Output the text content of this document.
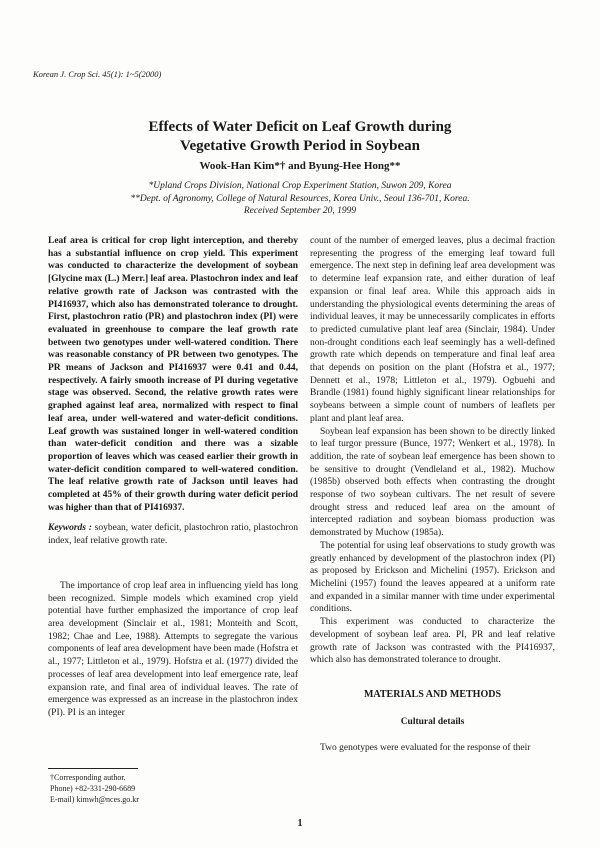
Korean J. Crop Sci. 45(1): 1~5(2000)
Effects of Water Deficit on Leaf Growth during
Vegetative Growth Period in Soybean
Wook-Han Kim*† and Byung-Hee Hong**
*Upland Crops Division, National Crop Experiment Station, Suwon 209, Korea
**Dept. of Agronomy, College of Natural Resources, Korea Univ., Seoul 136-701, Korea.
Received September 20, 1999

Leaf area is critical for crop light interception, and thereby has a substantial influence on crop yield. This experiment was conducted to characterize the development of soybean [Glycine max (L.) Merr.] leaf area. Plastochron index and leaf relative growth rate of Jackson was contrasted with the PI416937, which also has demonstrated tolerance to drought. First, plastochron ratio (PR) and plastochron index (PI) were evaluated in greenhouse to compare the leaf growth rate between two genotypes under well-watered condition. There was reasonable constancy of PR between two genotypes. The PR means of Jackson and PI416937 were 0.41 and 0.44, respectively. A fairly smooth increase of PI during vegetative stage was observed. Second, the relative growth rates were graphed against leaf area, normalized with respect to final leaf area, under well-watered and water-deficit conditions. Leaf growth was sustained longer in well-watered condition than water-deficit condition and there was a sizable proportion of leaves which was ceased earlier their growth in water-deficit condition compared to well-watered condition. The leaf relative growth rate of Jackson until leaves had completed at 45% of their growth during water deficit period was higher than that of PI416937.

Keywords : soybean, water deficit, plastochron ratio, plastochron index, leaf relative growth rate.

The importance of crop leaf area in influencing yield has long been recognized. Simple models which examined crop yield potential have further emphasized the importance of crop leaf area development (Sinclair et al., 1981; Monteith and Scott, 1982; Chae and Lee, 1988). Attempts to segregate the various components of leaf area development have been made (Hofstra et al., 1977; Littleton et al., 1979). Hofstra et al. (1977) divided the processes of leaf area development into leaf emergence rate, leaf expansion rate, and final area of individual leaves. The rate of emergence was expressed as an increase in the plastochron index (PI). PI is an integer

count of the number of emerged leaves, plus a decimal fraction representing the progress of the emerging leaf toward full emergence. The next step in defining leaf area development was to determine leaf expansion rate, and either duration of leaf expansion or final leaf area. While this approach aids in understanding the physiological events determining the areas of individual leaves, it may be unnecessarily complicates in efforts to predicted cumulative plant leaf area (Sinclair, 1984). Under non-drought conditions each leaf seemingly has a well-defined growth rate which depends on temperature and final leaf area that depends on position on the plant (Hofstra et al., 1977; Dennett et al., 1978; Littleton et al., 1979). Ogbuehi and Brandle (1981) found highly significant linear relationships for soybeans between a simple count of numbers of leaflets per plant and plant leaf area.

Soybean leaf expansion has been shown to be directly linked to leaf turgor pressure (Bunce, 1977; Wenkert et al., 1978). In addition, the rate of soybean leaf emergence has been shown to be sensitive to drought (Vendleland et al., 1982). Muchow (1985b) observed both effects when contrasting the drought response of two soybean cultivars. The net result of severe drought stress and reduced leaf area on the amount of intercepted radiation and soybean biomass production was demonstrated by Muchow (1985a).

The potential for using leaf observations to study growth was greatly enhanced by development of the plastochron index (PI) as proposed by Erickson and Michelini (1957). Erickson and Michelini (1957) found the leaves appeared at a uniform rate and expanded in a similar manner with time under experimental conditions.

This experiment was conducted to characterize the development of soybean leaf area. PI, PR and leaf relative growth rate of Jackson was contrasted with the PI416937, which also has demonstrated tolerance to drought.

MATERIALS AND METHODS
Cultural details

Two genotypes were evaluated for the response of their

†Corresponding author.
Phone) +82-331-290-6689
E-mail) kimwh@nces.go.kr
1
